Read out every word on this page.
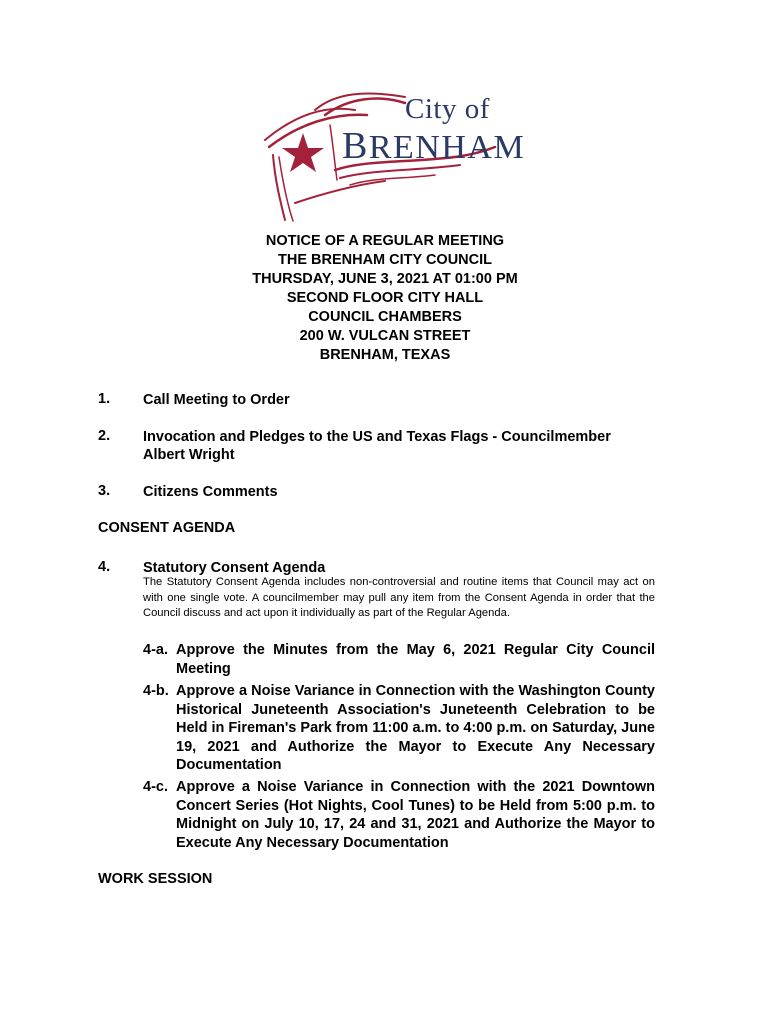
City of
BRENHAM
NOTICE OF A REGULAR MEETING
THE BRENHAM CITY COUNCIL
THURSDAY, JUNE 3, 2021 AT 01:00 PM
SECOND FLOOR CITY HALL
COUNCIL CHAMBERS
200 W. VULCAN STREET
BRENHAM, TEXAS
1. Call Meeting to Order
2. Invocation and Pledges to the US and Texas Flags - Councilmember Albert Wright
3. Citizens Comments
CONSENT AGENDA
4. Statutory Consent Agenda
The Statutory Consent Agenda includes non-controversial and routine items that Council may act on with one single vote. A councilmember may pull any item from the Consent Agenda in order that the Council discuss and act upon it individually as part of the Regular Agenda.
4-a. Approve the Minutes from the May 6, 2021 Regular City Council Meeting
4-b. Approve a Noise Variance in Connection with the Washington County Historical Juneteenth Association's Juneteenth Celebration to be Held in Fireman's Park from 11:00 a.m. to 4:00 p.m. on Saturday, June 19, 2021 and Authorize the Mayor to Execute Any Necessary Documentation
4-c. Approve a Noise Variance in Connection with the 2021 Downtown Concert Series (Hot Nights, Cool Tunes) to be Held from 5:00 p.m. to Midnight on July 10, 17, 24 and 31, 2021 and Authorize the Mayor to Execute Any Necessary Documentation
WORK SESSION
